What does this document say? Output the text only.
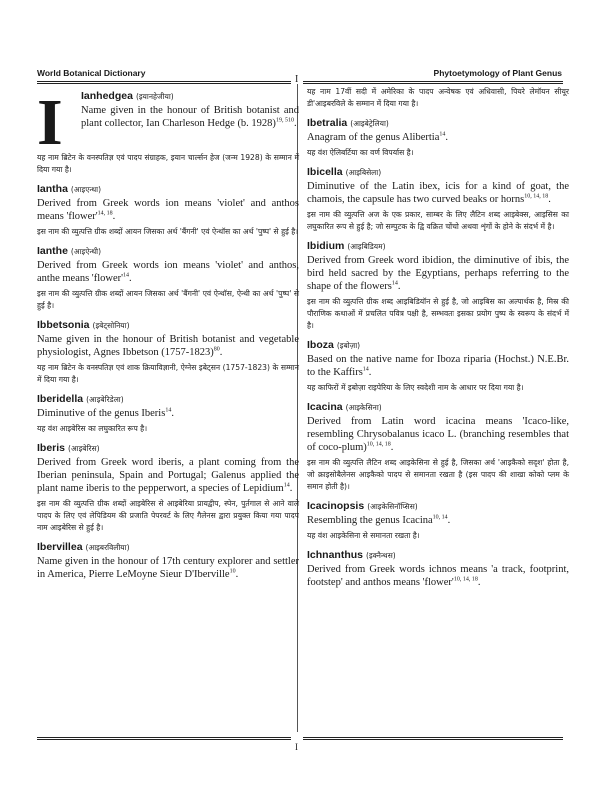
World Botanical Dictionary
I
Phytoetymology of Plant Genus
I	Ianhedgea (इयानहेजीया)
Name given in the honour of British botanist and plant collector, Ian Charleson Hedge (b. 1928)$^{19, 510}$.
यह नाम ब्रिटेन के वनस्पतिज्ञ एवं पादप संग्राहक, इयान चार्ल्सन हेज (जन्म 1928) के सम्मान में दिया गया है।
Iantha (आइएन्था)
Derived from Greek words ion means 'violet' and anthos means '$flower'^{14, 18}$.
इस नाम की व्युत्पत्ति ग्रीक शब्दों आयन जिसका अर्थ 'बैंगनी' एवं ऐन्थॉस का अर्थ 'पुष्प' से हुई है।
Ianthe (आइऐन्थी)
Derived from Greek words ion means 'violet' and anthos, anthe means '$flower'^{14}$.
इस नाम की व्युत्पत्ति ग्रीक शब्दों आयन जिसका अर्थ 'बैंगनी' एवं ऐन्थॉस, ऐन्थी का अर्थ 'पुष्प' से हुई है।
Ibbetsonia (इबेट्सोनिया)
Name given in the honour of British botanist and vegetable physiologist, Agnes Ibbetson (1757-1823)$^{80}$.
यह नाम ब्रिटेन के वनस्पतिज्ञ एवं शाक क्रियाविज्ञानी, ऐग्नेस इबेट्सन (1757-1823) के सम्मान में दिया गया है।
Iberidella (आइबेरिडेला)
Diminutive of the genus Iberis$^{14}$.
यह वंश आइबेरिस का लघुकारित रूप है।
Iberis (आइबेरिस)
Derived from Greek word iberis, a plant coming from the Iberian peninsula, Spain and Portugal; Galenus applied the plant name iberis to the pepperwort, a species of Lepidium$^{14}$.
इस नाम की व्युत्पत्ति ग्रीक शब्दों आइबेरिस से आइबेरिया प्रायद्वीप, स्पेन, पुर्तगाल से आने वाले पादप के लिए एवं लेपिडियम की प्रजाति पेपरवर्ट के लिए गैलेनस द्वारा प्रयुक्त किया गया पादप नाम आइबेरिस से हुई है।
Ibervillea (आइबरविलीया)
Name given in the honour of 17th century explorer and settler in America, Pierre LeMoyne Sieur D'Iberville$^{10}$.
यह नाम 17वीं सदी में अमेरिका के पादप अन्वेषक एवं अधिवासी, पियरे लेमॉयन सीयूर डी'आइबरविले के सम्मान में दिया गया है।
Ibetralia (आइबेट्रेलिया)
Anagram of the genus Alibertia$^{14}$.
यह वंश ऐलिबर्टिया का वर्ण विपर्यास है।
Ibicella (आइबिसेला)
Diminutive of the Latin ibex, icis for a kind of goat, the chamois, the capsule has two curved beaks or horns$^{10, 14, 18}$.
इस नाम की व्युत्पत्ति अज के एक प्रकार, साम्बर के लिए लैटिन शब्द आइबेक्स, आइसिस का लघुकारित रूप से हुई है; जो सम्पुटक के द्वि वक्रित चोंचो अथवा शृंगों के होने के संदर्भ में है।
Ibidium (आइबिडियम)
Derived from Greek word ibidion, the diminutive of ibis, the bird held sacred by the Egyptians, perhaps referring to the shape of the flowers$^{14}$.
इस नाम की व्युत्पत्ति ग्रीक शब्द आइबिडियॉन से हुई है, जो आइबिस का अल्पार्थक है, मिस्र की पौराणिक कथाओं में प्रचलित पवित्र पक्षी है, सम्भवतः इसका प्रयोग पुष्प के स्वरूप के संदर्भ में है।
Iboza (इबोज़ा)
Based on the native name for Iboza riparia (Hochst.) N.E.Br. to the Kaffirs$^{14}$.
यह काफिरों में इबोज़ा राइपेरिया के लिए स्वदेशी नाम के आधार पर दिया गया है।
Icacina (आइकेसिना)
Derived from Latin word icacina means 'Icaco-like, resembling Chrysobalanus icaco L. (branching resembles that of coco-plum)$^{10, 14, 18}$.
इस नाम की व्युत्पत्ति लैटिन शब्द आइकेसिना से हुई है, जिसका अर्थ 'आइकैको सदृश' होता है, जो क्राइसोबैलेनस आइकैको पादप से समानता रखता है (इस पादप की शाखा कोको प्लम के समान होती है)।
Icacinopsis (आइकेसिनॉप्सिस)
Resembling the genus Icacina$^{10, 14}$.
यह वंश आइकेसिना से समानता रखता है।
Ichnanthus (इक्नैन्थस)
Derived from Greek words ichnos means 'a track, footprint, footstep' and anthos means '$flower'^{10, 14, 18}$.
I
